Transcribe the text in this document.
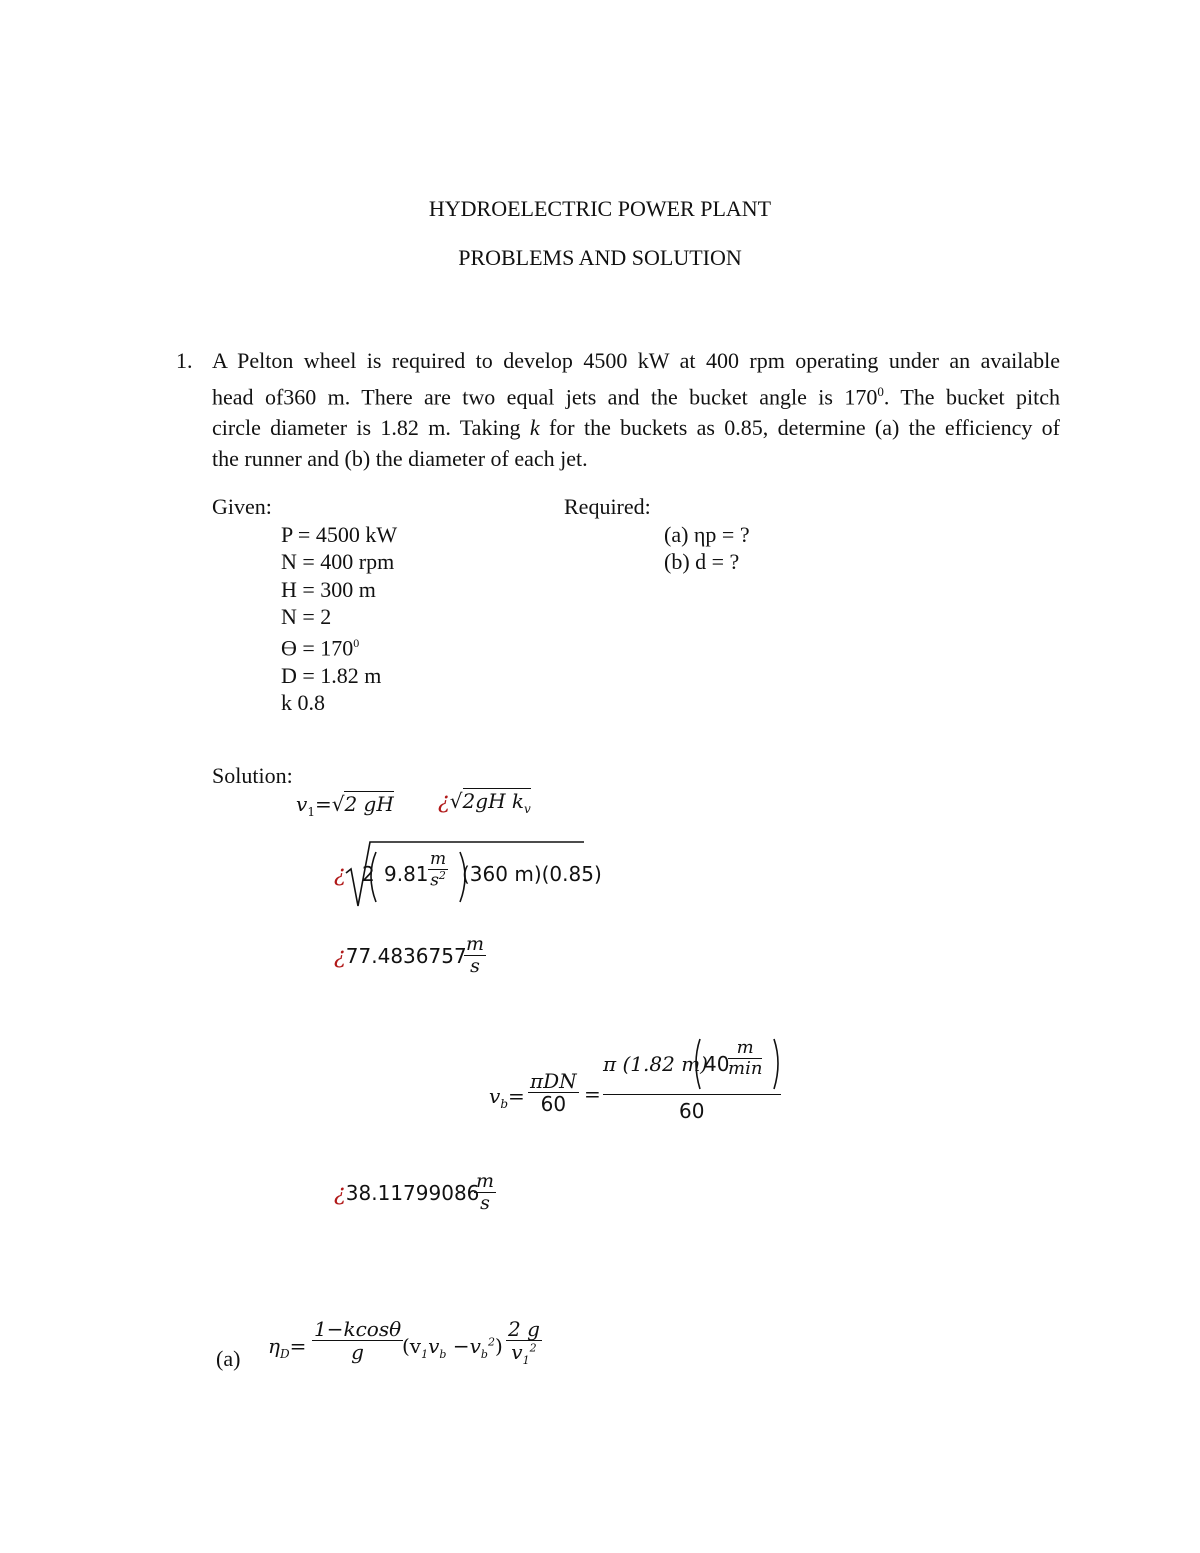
HYDROELECTRIC POWER PLANT
PROBLEMS AND SOLUTION
1. A Pelton wheel is required to develop 4500 kW at 400 rpm operating under an available
head of360 m. There are two equal jets and the bucket angle is $170^0$. The bucket pitch
circle diameter is 1.82 m. Taking k for the buckets as 0.85, determine (a) the efficiency of
the runner and (b) the diameter of each jet.
Given:
P = 4500 kW
N = 400 rpm
H = 300 m
N = 2
Ɵ = $170^0$
D = 1.82 m
k 0.8
Required:
(a) ηp = ?
(b) d = ?
Solution:
$v_1=√2$ gH ¿√2gH $k_v$
¿ 2 $9.81 \frac{m}{s^2} (360$ m)(0.85)
¿77.4836757
$\frac{m}{s}$
$v_b= \frac{\text{πDN}}{60}$ =
π (1.82 m)
40
$\frac{m}{\min}$
60
¿38.11799086
$\frac{m}{s}$
(a) $\eta_D= \frac{1-kcos\theta}{g}$
$(v_1v_b -v_b^2) \frac{2 g}{v_1^2}$
